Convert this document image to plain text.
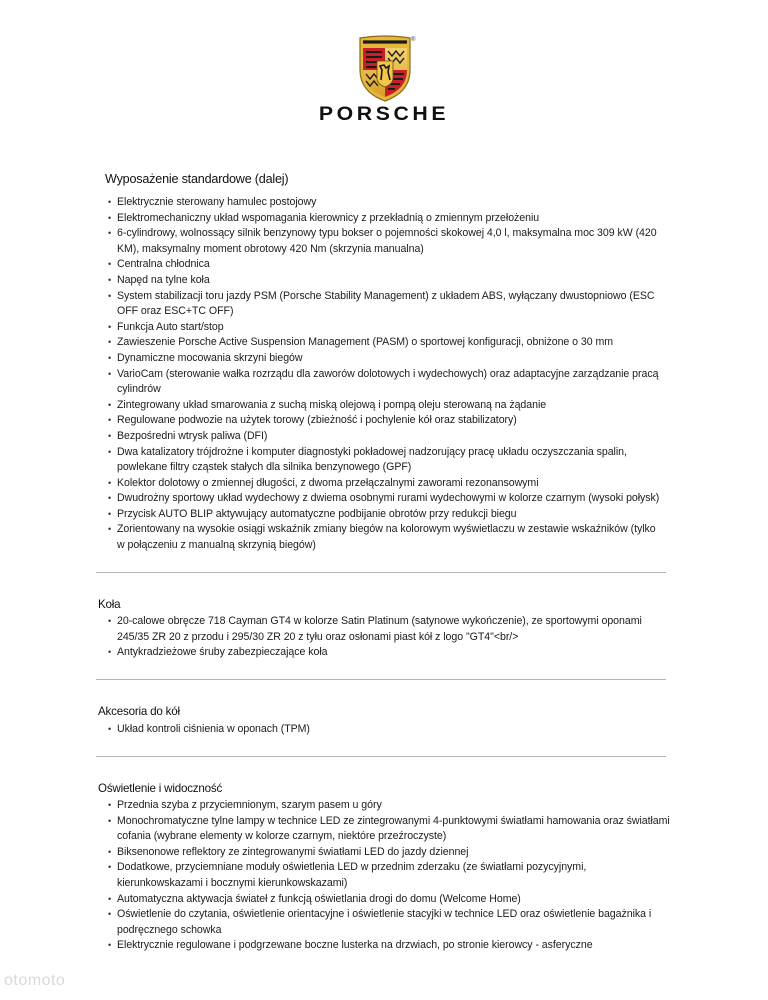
®
PORSCHE
Wyposażenie standardowe (dalej)
• Elektrycznie sterowany hamulec postojowy
• Elektromechaniczny układ wspomagania kierownicy z przekładnią o zmiennym przełożeniu
• 6-cylindrowy, wolnossący silnik benzynowy typu bokser o pojemności skokowej 4,0 l, maksymalna moc 309 kW (420 KM), maksymalny moment obrotowy 420 Nm (skrzynia manualna)
• Centralna chłodnica
• Napęd na tylne koła
• System stabilizacji toru jazdy PSM (Porsche Stability Management) z układem ABS, wyłączany dwustopniowo (ESC OFF oraz ESC+TC OFF)
• Funkcja Auto start/stop
• Zawieszenie Porsche Active Suspension Management (PASM) o sportowej konfiguracji, obniżone o 30 mm
• Dynamiczne mocowania skrzyni biegów
• VarioCam (sterowanie wałka rozrządu dla zaworów dolotowych i wydechowych) oraz adaptacyjne zarządzanie pracą cylindrów
• Zintegrowany układ smarowania z suchą miską olejową i pompą oleju sterowaną na żądanie
• Regulowane podwozie na użytek torowy (zbieżność i pochylenie kół oraz stabilizatory)
• Bezpośredni wtrysk paliwa (DFI)
• Dwa katalizatory trójdrożne i komputer diagnostyki pokładowej nadzorujący pracę układu oczyszczania spalin, powlekane filtry cząstek stałych dla silnika benzynowego (GPF)
• Kolektor dolotowy o zmiennej długości, z dwoma przełączalnymi zaworami rezonansowymi
• Dwudrożny sportowy układ wydechowy z dwiema osobnymi rurami wydechowymi w kolorze czarnym (wysoki połysk)
• Przycisk AUTO BLIP aktywujący automatyczne podbijanie obrotów przy redukcji biegu
• Zorientowany na wysokie osiągi wskaźnik zmiany biegów na kolorowym wyświetlaczu w zestawie wskaźników (tylko w połączeniu z manualną skrzynią biegów)
Koła
• 20-calowe obręcze 718 Cayman GT4 w kolorze Satin Platinum (satynowe wykończenie), ze sportowymi oponami 245/35 ZR 20 z przodu i 295/30 ZR 20 z tyłu oraz osłonami piast kół z logo "GT4"<br/>
• Antykradzieżowe śruby zabezpieczające koła
Akcesoria do kół
• Układ kontroli ciśnienia w oponach (TPM)
Oświetlenie i widoczność
• Przednia szyba z przyciemnionym, szarym pasem u góry
• Monochromatyczne tylne lampy w technice LED ze zintegrowanymi 4-punktowymi światłami hamowania oraz światłami cofania (wybrane elementy w kolorze czarnym, niektóre przeźroczyste)
• Biksenonowe reflektory ze zintegrowanymi światłami LED do jazdy dziennej
• Dodatkowe, przyciemniane moduły oświetlenia LED w przednim zderzaku (ze światłami pozycyjnymi, kierunkowskazami i bocznymi kierunkowskazami)
• Automatyczna aktywacja świateł z funkcją oświetlania drogi do domu (Welcome Home)
• Oświetlenie do czytania, oświetlenie orientacyjne i oświetlenie stacyjki w technice LED oraz oświetlenie bagażnika i podręcznego schowka
• Elektrycznie regulowane i podgrzewane boczne lusterka na drzwiach, po stronie kierowcy - asferyczne
otomoto
